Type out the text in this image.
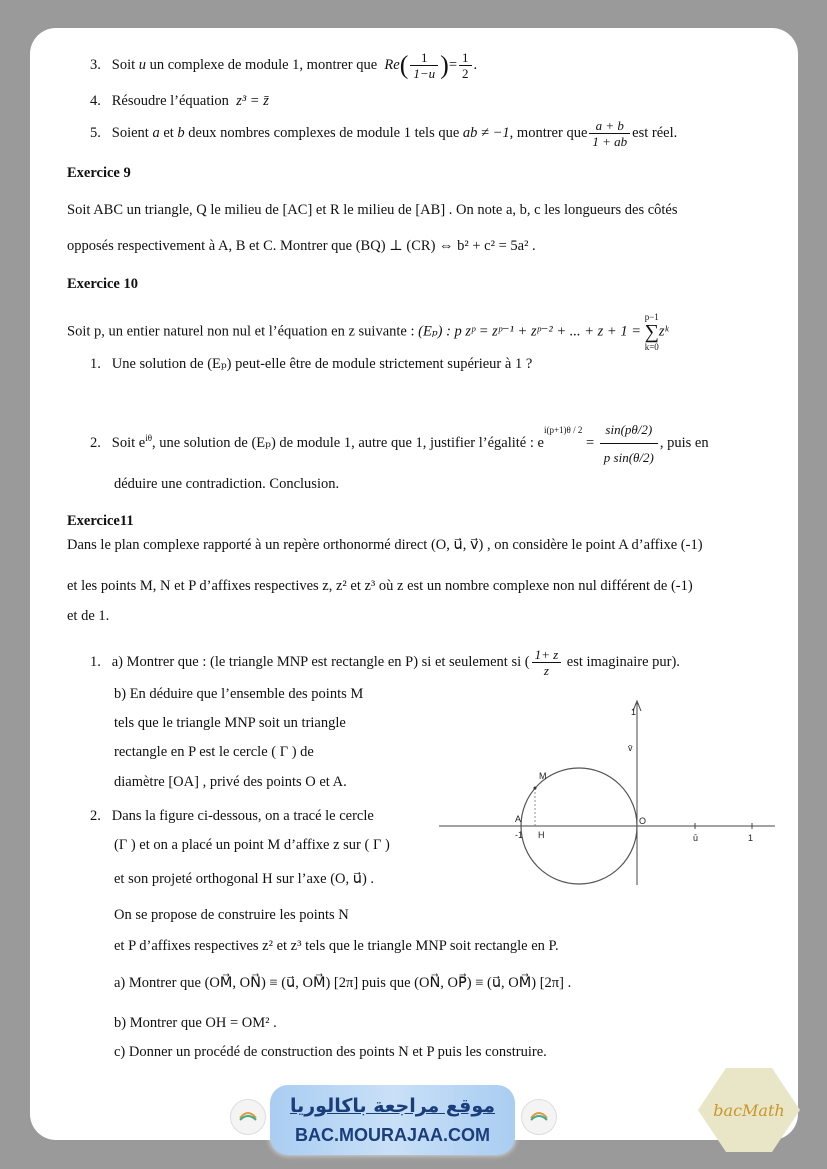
3. Soit u un complexe de module 1, montrer que $Re( \frac{1}{1-u}$ )= $\frac{1}{2}$ .
4. Résoudre l’équation z³ = z̄
5. Soient a et b deux nombres complexes de module 1 tels que ab ≠ −1, montrer que $\frac{a + b}{1 + ab}$ est réel.
Exercice 9
Soit ABC un triangle, Q le milieu de [AC] et R le milieu de [AB] . On note a, b, c les longueurs des côtés
opposés respectivement à A, B et C. Montrer que (BQ) ⊥ (CR) ⇔ b² + c² = 5a² .
Exercice 10
Soit p, un entier naturel non nul et l’équation en z suivante : (Eₚ) : p zᵖ = zᵖ⁻¹ + zᵖ⁻² + ... + z + 1 =
p−1
∑
k=0
zᵏ
1. Une solution de (Eₚ) peut-elle être de module strictement supérieur à 1 ?
2. Soit $e^{i\theta}$, une solution de (Eₚ) de module 1, autre que 1, justifier l’égalité : $e^{i(p+1)\theta / 2} = \frac{\sin(p\theta/2)}{\text{p sin(θ/2)}}$ , puis en
déduire une contradiction. Conclusion.
Exercice11
Dans le plan complexe rapporté à un repère orthonormé direct (O, u⃗, v⃗) , on considère le point A d’affixe (-1)
et les points M, N et P d’affixes respectives z, z² et z³ où z est un nombre complexe non nul différent de (-1)
et de 1.
1. a) Montrer que : (le triangle MNP est rectangle en P) si et seulement si ( $\frac{1+ z}{z}$ est imaginaire pur).
b) En déduire que l’ensemble des points M
tels que le triangle MNP soit un triangle
rectangle en P est le cercle ( Γ ) de
diamètre [OA] , privé des points O et A.
2. Dans la figure ci-dessous, on a tracé le cercle
(Γ ) et on a placé un point M d’affixe z sur ( Γ )
et son projeté orthogonal H sur l’axe (O, u⃗) .
On se propose de construire les points N
et P d’affixes respectives z² et z³ tels que le triangle MNP soit rectangle en P.
a) Montrer que (OM⃗, ON⃗) ≡ (u⃗, OM⃗) [2π] puis que (ON⃗, OP⃗) ≡ (u⃗, OM⃗) [2π] .
b) Montrer que OH = OM² .
c) Donner un procédé de construction des points N et P puis les construire.
A
-1 H
M
O
ū	1
v̄
1
موقع مراجعة باكالوريا
BAC.MOURAJAA.COM
bacMath
